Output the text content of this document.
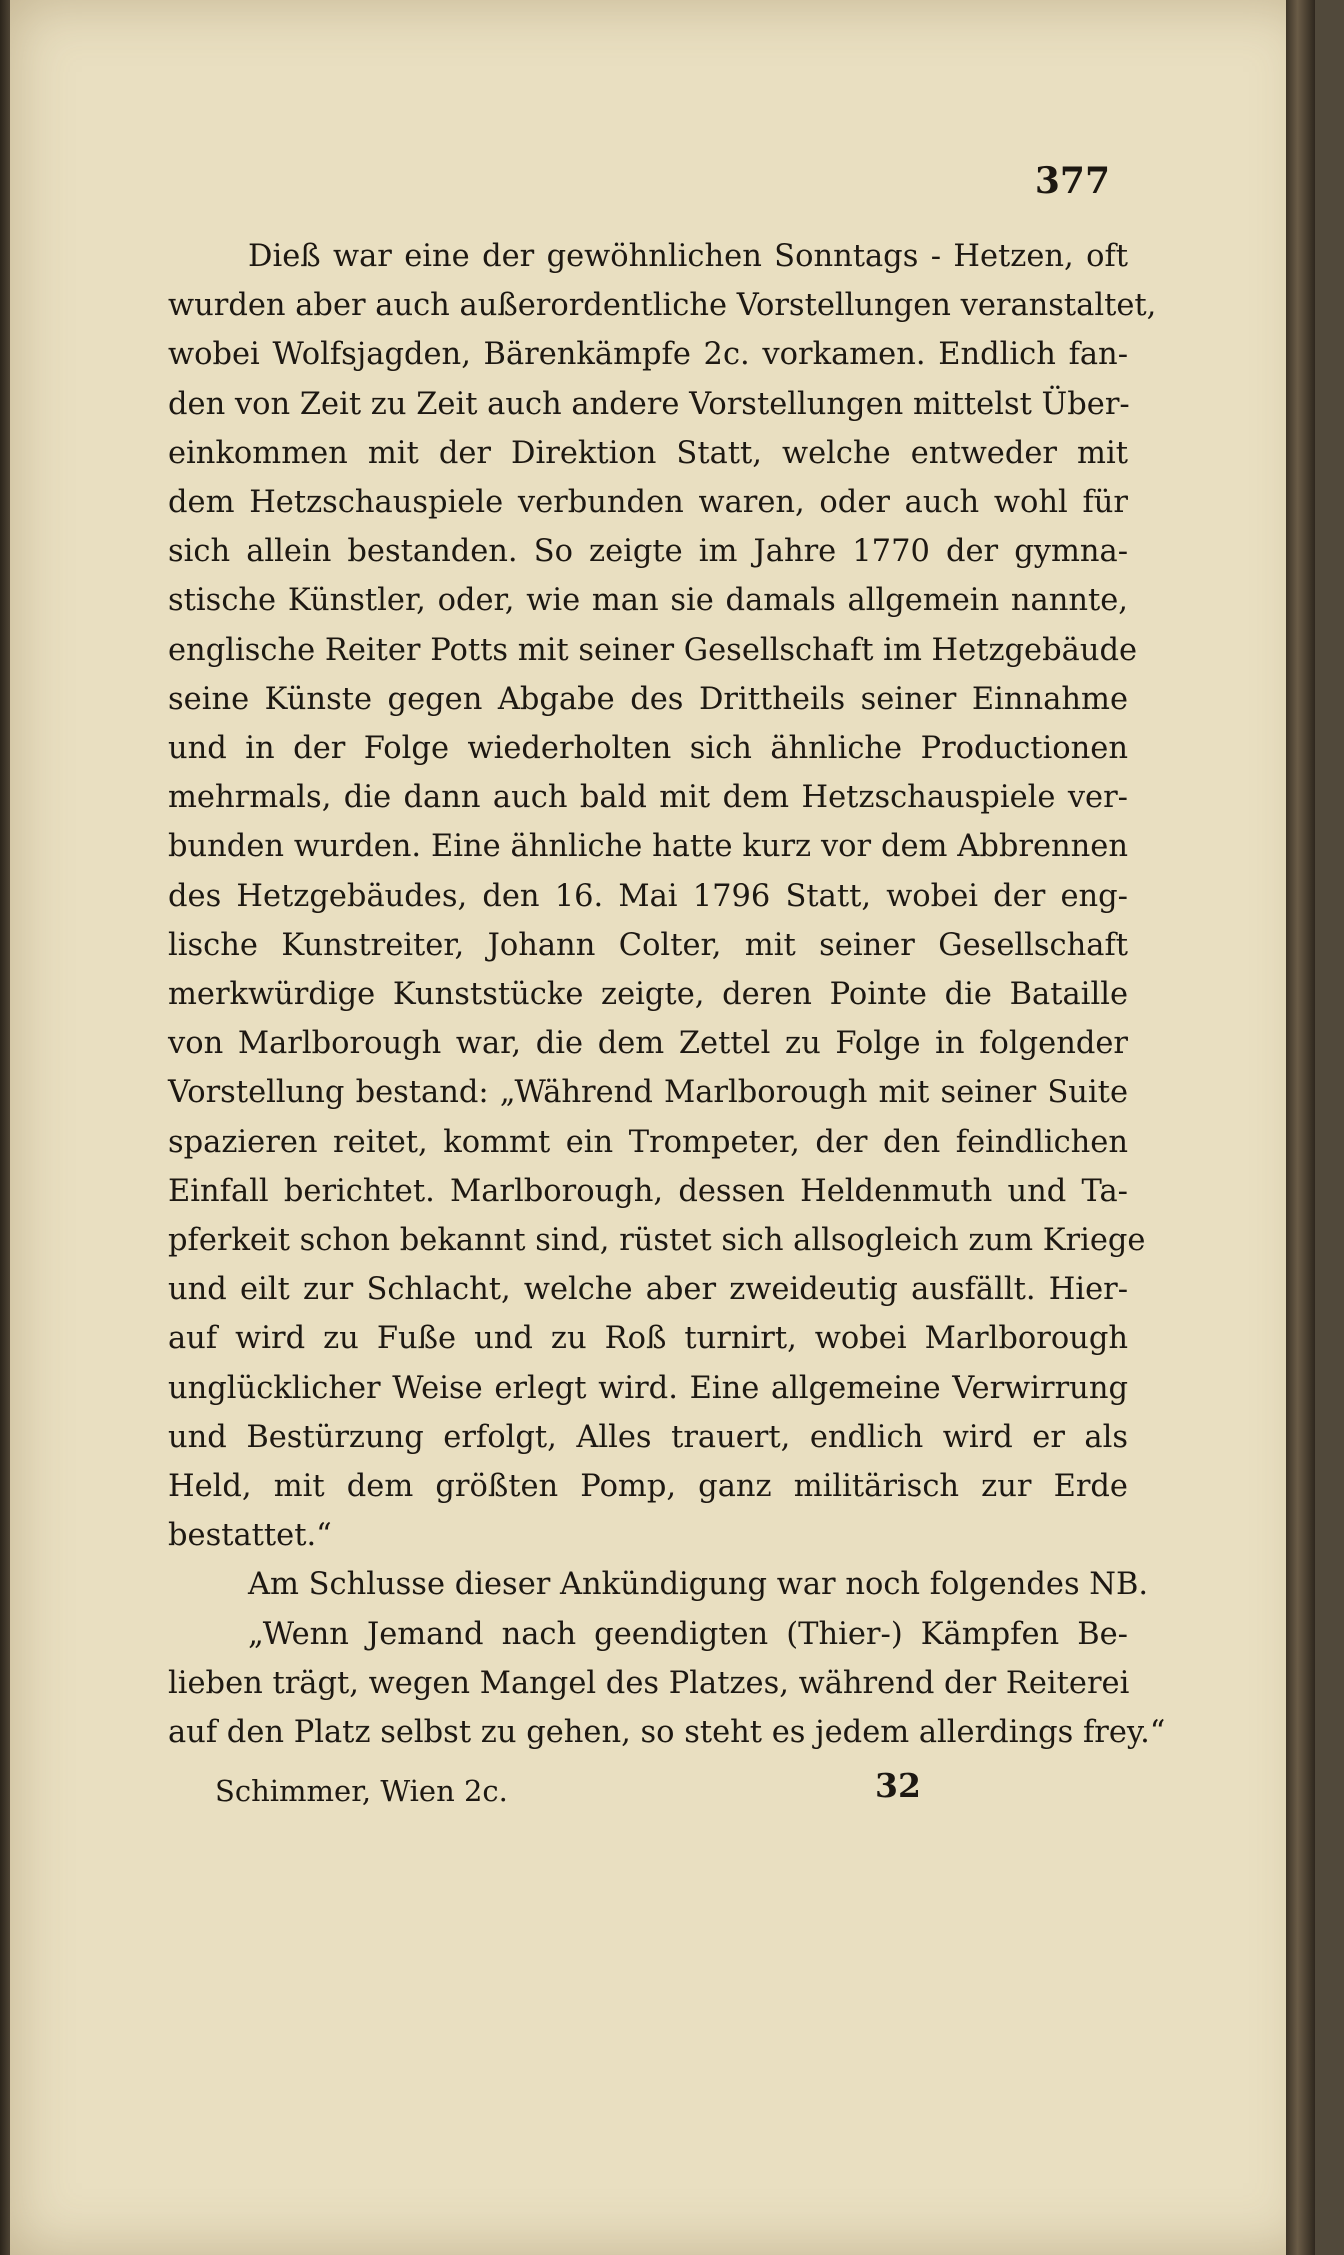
377

Dieß war eine der gewöhnlichen Sonntags - Hetzen, oft
wurden aber auch außerordentliche Vorstellungen veranstaltet,
wobei Wolfsjagden, Bärenkämpfe 2c. vorkamen. Endlich fan-
den von Zeit zu Zeit auch andere Vorstellungen mittelst Über-
einkommen mit der Direktion Statt, welche entweder mit
dem Hetzschauspiele verbunden waren, oder auch wohl für
sich allein bestanden. So zeigte im Jahre 1770 der gymna-
stische Künstler, oder, wie man sie damals allgemein nannte,
englische Reiter Potts mit seiner Gesellschaft im Hetzgebäude
seine Künste gegen Abgabe des Drittheils seiner Einnahme
und in der Folge wiederholten sich ähnliche Productionen
mehrmals, die dann auch bald mit dem Hetzschauspiele ver-
bunden wurden. Eine ähnliche hatte kurz vor dem Abbrennen
des Hetzgebäudes, den 16. Mai 1796 Statt, wobei der eng-
lische Kunstreiter, Johann Colter, mit seiner Gesellschaft
merkwürdige Kunststücke zeigte, deren Pointe die Bataille
von Marlborough war, die dem Zettel zu Folge in folgender
Vorstellung bestand: „Während Marlborough mit seiner Suite
spazieren reitet, kommt ein Trompeter, der den feindlichen
Einfall berichtet. Marlborough, dessen Heldenmuth und Ta-
pferkeit schon bekannt sind, rüstet sich allsogleich zum Kriege
und eilt zur Schlacht, welche aber zweideutig ausfällt. Hier-
auf wird zu Fuße und zu Roß turnirt, wobei Marlborough
unglücklicher Weise erlegt wird. Eine allgemeine Verwirrung
und Bestürzung erfolgt, Alles trauert, endlich wird er als
Held, mit dem größten Pomp, ganz militärisch zur Erde
bestattet.“

Am Schlusse dieser Ankündigung war noch folgendes NB.

„Wenn Jemand nach geendigten (Thier-) Kämpfen Be-
lieben trägt, wegen Mangel des Platzes, während der Reiterei
auf den Platz selbst zu gehen, so steht es jedem allerdings frey.“

Schimmer, Wien 2c.	32
